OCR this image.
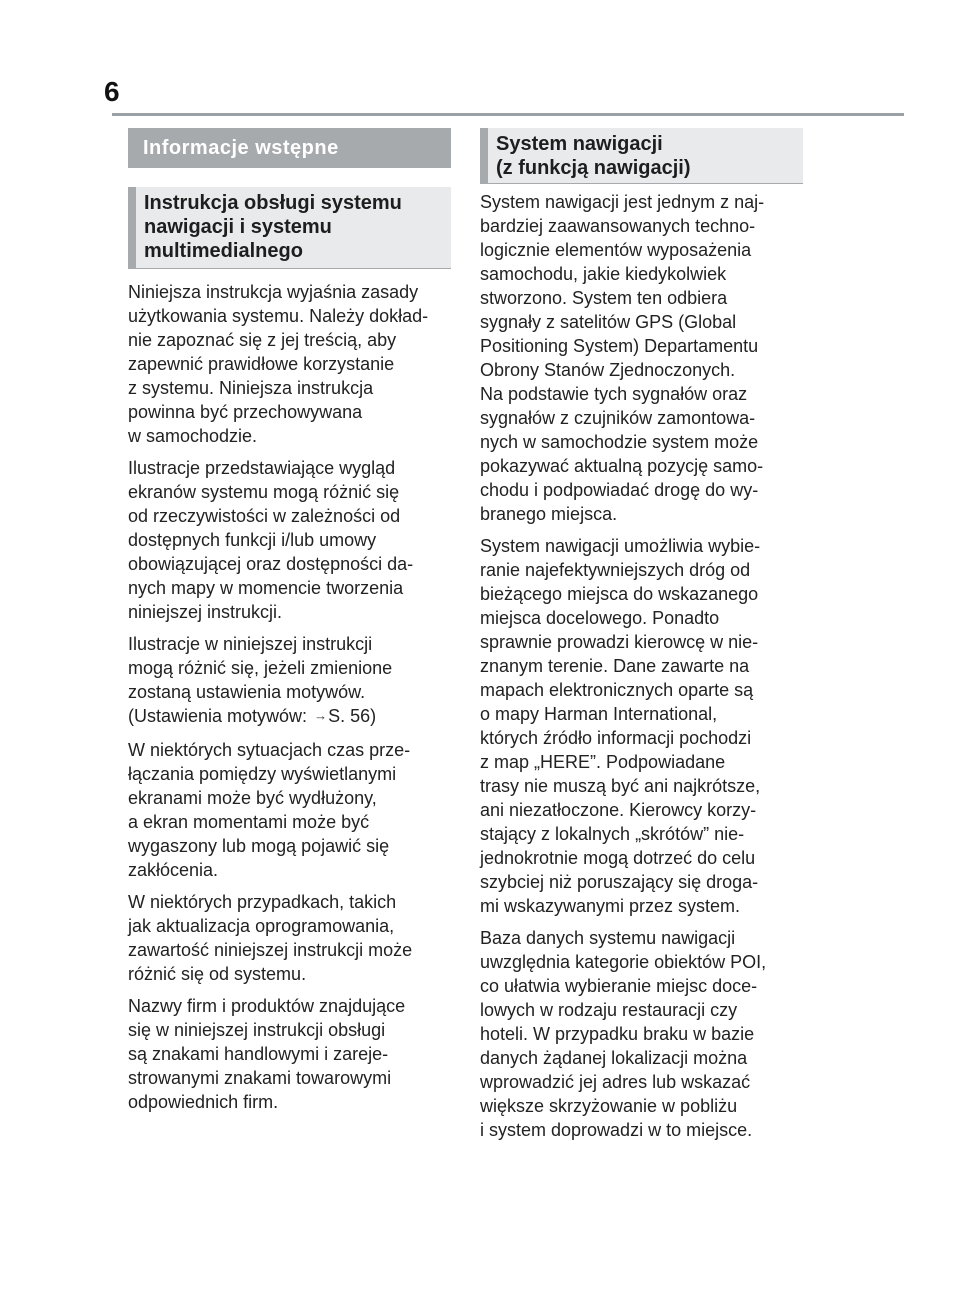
6
Informacje wstępne
Instrukcja obsługi systemu
nawigacji i systemu
multimedialnego

Niniejsza instrukcja wyjaśnia zasady
użytkowania systemu. Należy dokład-
nie zapoznać się z jej treścią, aby
zapewnić prawidłowe korzystanie
z systemu. Niniejsza instrukcja
powinna być przechowywana
w samochodzie.

Ilustracje przedstawiające wygląd
ekranów systemu mogą różnić się
od rzeczywistości w zależności od
dostępnych funkcji i/lub umowy
obowiązującej oraz dostępności da-
nych mapy w momencie tworzenia
niniejszej instrukcji.

Ilustracje w niniejszej instrukcji
mogą różnić się, jeżeli zmienione
zostaną ustawienia motywów.
(Ustawienia motywów: →S. 56)

W niektórych sytuacjach czas prze-
łączania pomiędzy wyświetlanymi
ekranami może być wydłużony,
a ekran momentami może być
wygaszony lub mogą pojawić się
zakłócenia.

W niektórych przypadkach, takich
jak aktualizacja oprogramowania,
zawartość niniejszej instrukcji może
różnić się od systemu.

Nazwy firm i produktów znajdujące
się w niniejszej instrukcji obsługi
są znakami handlowymi i zareje-
strowanymi znakami towarowymi
odpowiednich firm.

System nawigacji
(z funkcją nawigacji)

System nawigacji jest jednym z naj-
bardziej zaawansowanych techno-
logicznie elementów wyposażenia
samochodu, jakie kiedykolwiek
stworzono. System ten odbiera
sygnały z satelitów GPS (Global
Positioning System) Departamentu
Obrony Stanów Zjednoczonych.
Na podstawie tych sygnałów oraz
sygnałów z czujników zamontowa-
nych w samochodzie system może
pokazywać aktualną pozycję samo-
chodu i podpowiadać drogę do wy-
branego miejsca.

System nawigacji umożliwia wybie-
ranie najefektywniejszych dróg od
bieżącego miejsca do wskazanego
miejsca docelowego. Ponadto
sprawnie prowadzi kierowcę w nie-
znanym terenie. Dane zawarte na
mapach elektronicznych oparte są
o mapy Harman International,
których źródło informacji pochodzi
z map „HERE”. Podpowiadane
trasy nie muszą być ani najkrótsze,
ani niezatłoczone. Kierowcy korzy-
stający z lokalnych „skrótów” nie-
jednokrotnie mogą dotrzeć do celu
szybciej niż poruszający się droga-
mi wskazywanymi przez system.

Baza danych systemu nawigacji
uwzględnia kategorie obiektów POI,
co ułatwia wybieranie miejsc doce-
lowych w rodzaju restauracji czy
hoteli. W przypadku braku w bazie
danych żądanej lokalizacji można
wprowadzić jej adres lub wskazać
większe skrzyżowanie w pobliżu
i system doprowadzi w to miejsce.
